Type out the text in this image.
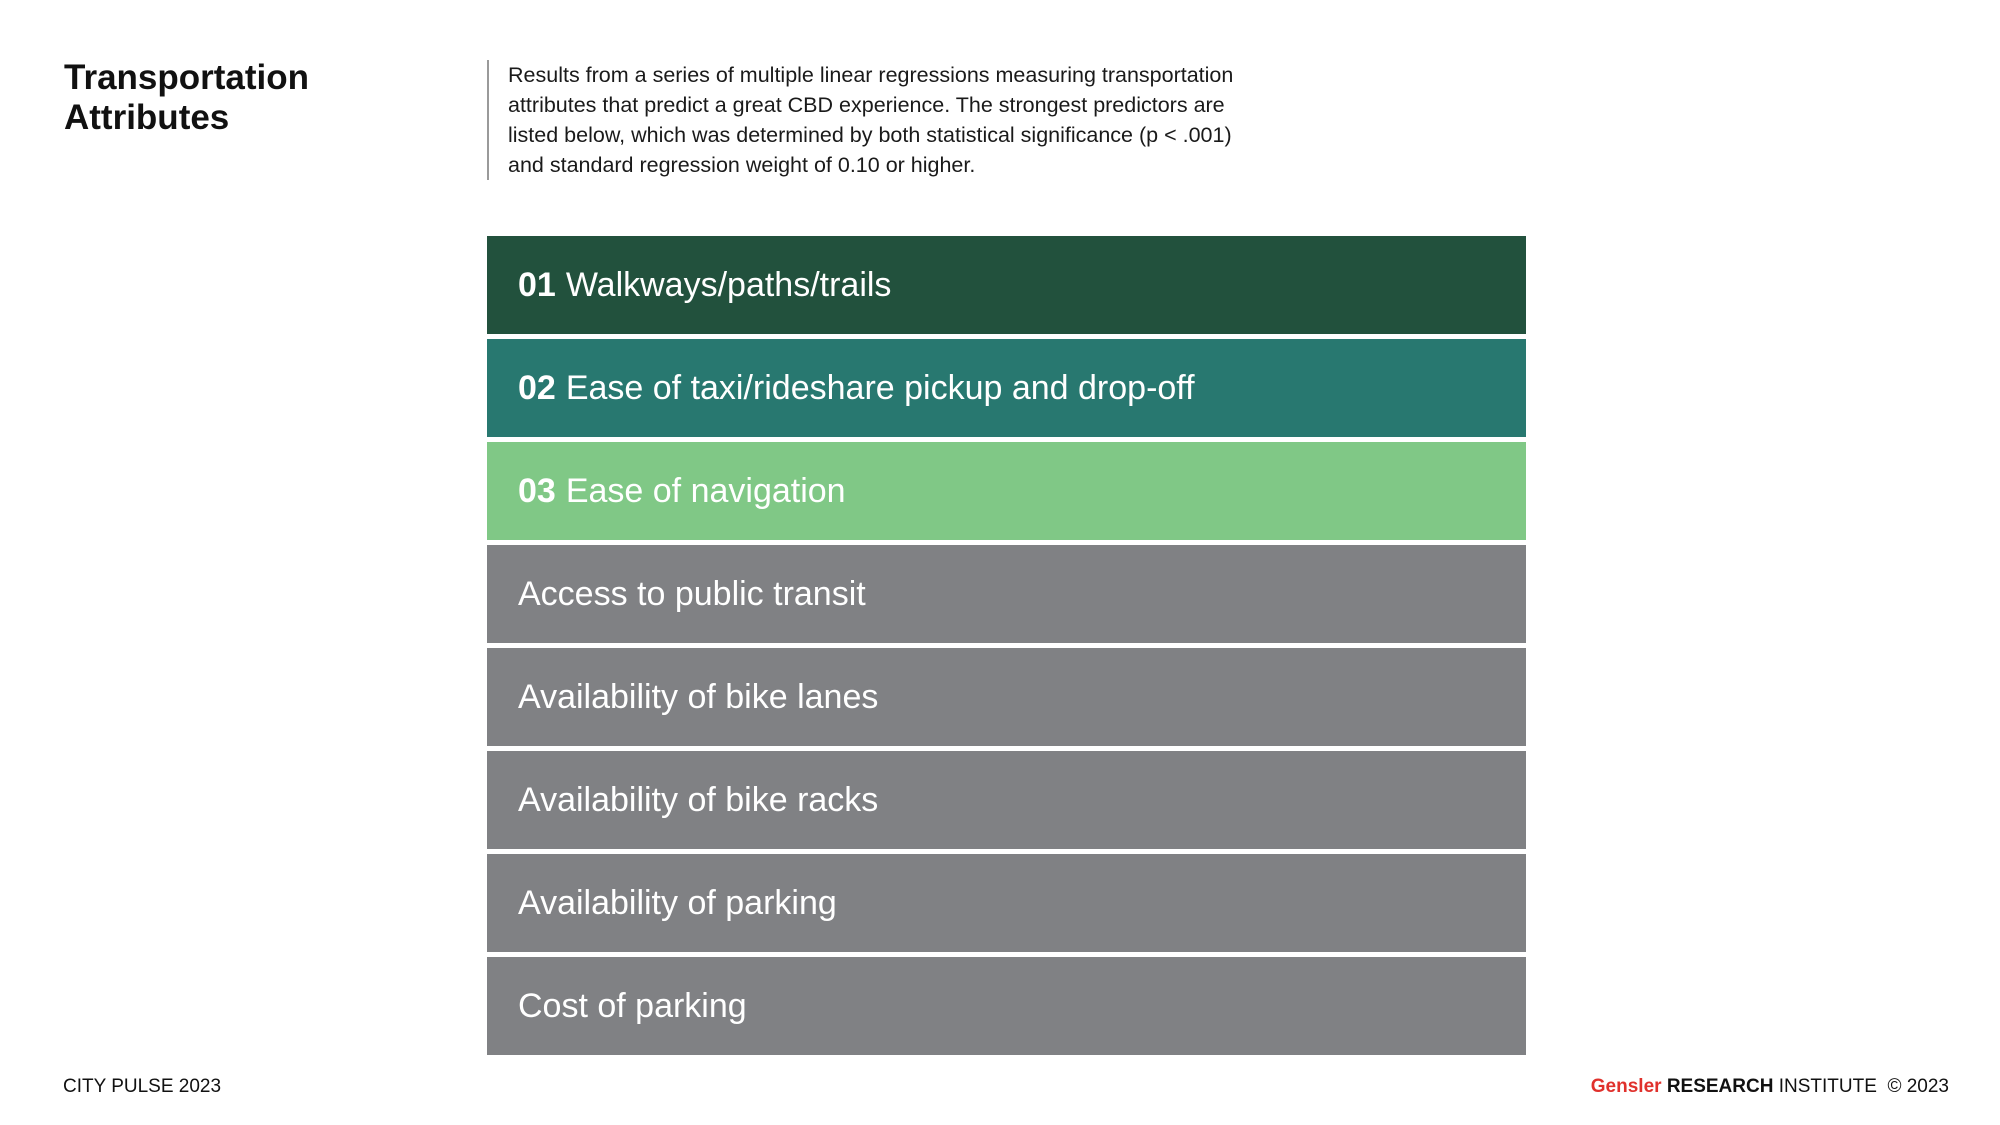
Transportation
Attributes

Results from a series of multiple linear regressions measuring transportation attributes that predict a great CBD experience. The strongest predictors are listed below, which was determined by both statistical significance (p < .001) and standard regression weight of 0.10 or higher.

01 Walkways/paths/trails
02 Ease of taxi/rideshare pickup and drop-off
03 Ease of navigation
Access to public transit
Availability of bike lanes
Availability of bike racks
Availability of parking
Cost of parking
CITY PULSE 2023	Gensler RESEARCH INSTITUTE © 2023
